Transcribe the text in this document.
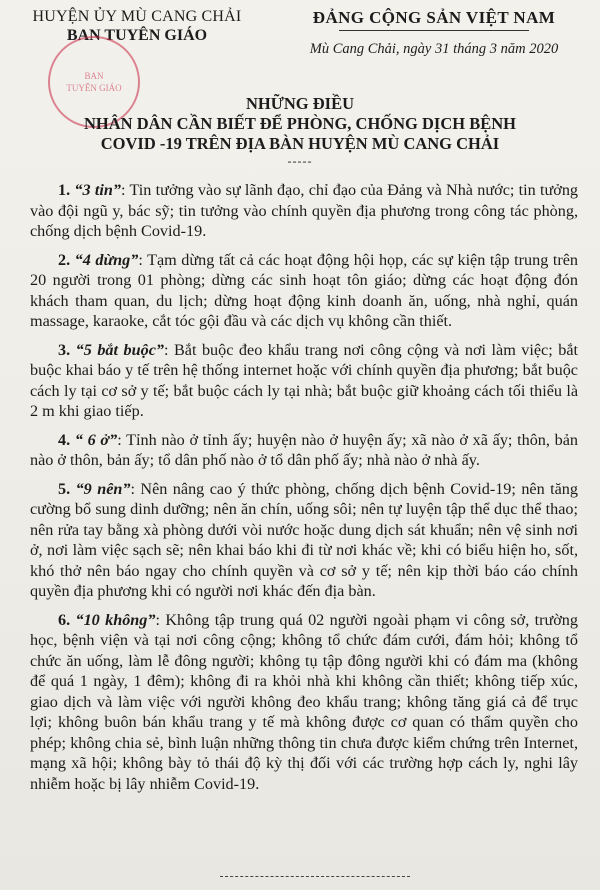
HUYỆN ỦY MÙ CANG CHẢI
BAN TUYÊN GIÁO
BAN
TUYÊN GIÁO
ĐẢNG CỘNG SẢN VIỆT NAM
Mù Cang Chải, ngày 31 tháng 3 năm 2020
NHỮNG ĐIỀU
NHÂN DÂN CẦN BIẾT ĐỂ PHÒNG, CHỐNG DỊCH BỆNH
COVID -19 TRÊN ĐỊA BÀN HUYỆN MÙ CANG CHẢI
-----

1. “3 tin”: Tin tưởng vào sự lãnh đạo, chỉ đạo của Đảng và Nhà nước; tin tưởng vào đội ngũ y, bác sỹ; tin tưởng vào chính quyền địa phương trong công tác phòng, chống dịch bệnh Covid-19.

2. “4 dừng”: Tạm dừng tất cả các hoạt động hội họp, các sự kiện tập trung trên 20 người trong 01 phòng; dừng các sinh hoạt tôn giáo; dừng các hoạt động đón khách tham quan, du lịch; dừng hoạt động kinh doanh ăn, uống, nhà nghỉ, quán massage, karaoke, cắt tóc gội đầu và các dịch vụ không cần thiết.

3. “5 bắt buộc”: Bắt buộc đeo khẩu trang nơi công cộng và nơi làm việc; bắt buộc khai báo y tế trên hệ thống internet hoặc với chính quyền địa phương; bắt buộc cách ly tại cơ sở y tế; bắt buộc cách ly tại nhà; bắt buộc giữ khoảng cách tối thiểu là 2 m khi giao tiếp.

4. “ 6 ở”: Tỉnh nào ở tỉnh ấy; huyện nào ở huyện ấy; xã nào ở xã ấy; thôn, bản nào ở thôn, bản ấy; tổ dân phố nào ở tổ dân phố ấy; nhà nào ở nhà ấy.

5. “9 nên”: Nên nâng cao ý thức phòng, chống dịch bệnh Covid-19; nên tăng cường bổ sung dinh dưỡng; nên ăn chín, uống sôi; nên tự luyện tập thể dục thể thao; nên rửa tay bằng xà phòng dưới vòi nước hoặc dung dịch sát khuẩn; nên vệ sinh nơi ở, nơi làm việc sạch sẽ; nên khai báo khi đi từ nơi khác về; khi có biểu hiện ho, sốt, khó thở nên báo ngay cho chính quyền và cơ sở y tế; nên kịp thời báo cáo chính quyền địa phương khi có người nơi khác đến địa bàn.

6. “10 không”: Không tập trung quá 02 người ngoài phạm vi công sở, trường học, bệnh viện và tại nơi công cộng; không tổ chức đám cưới, đám hỏi; không tổ chức ăn uống, làm lễ đông người; không tụ tập đông người khi có đám ma (không để quá 1 ngày, 1 đêm); không đi ra khỏi nhà khi không cần thiết; không tiếp xúc, giao dịch và làm việc với người không đeo khẩu trang; không tăng giá cả để trục lợi; không buôn bán khẩu trang y tế mà không được cơ quan có thẩm quyền cho phép; không chia sẻ, bình luận những thông tin chưa được kiểm chứng trên Internet, mạng xã hội; không bày tỏ thái độ kỳ thị đối với các trường hợp cách ly, nghi lây nhiễm hoặc bị lây nhiễm Covid-19.
